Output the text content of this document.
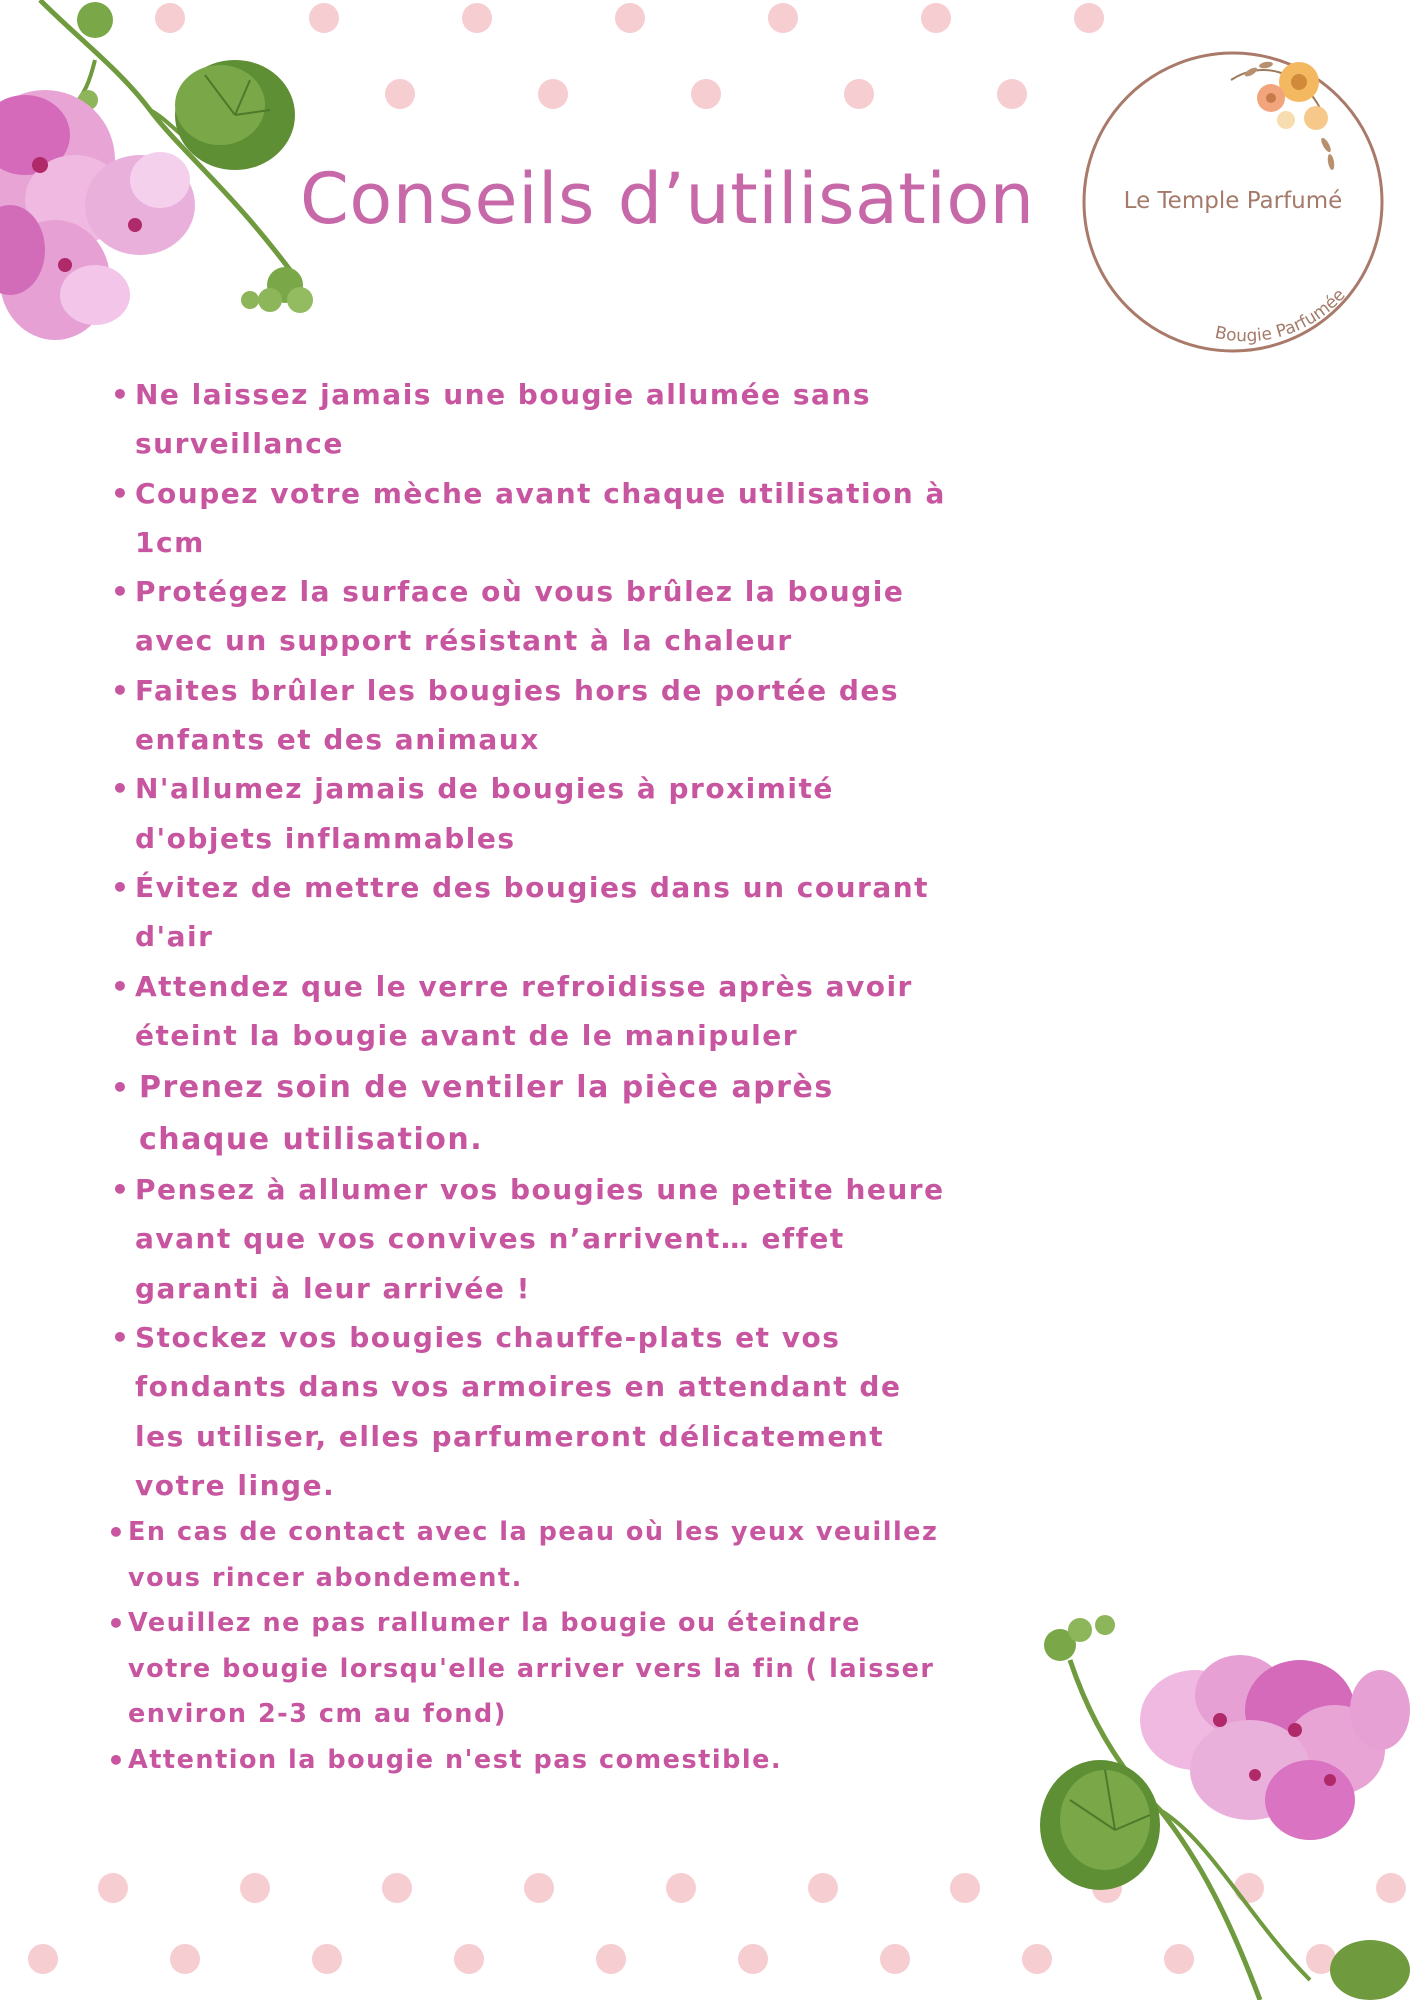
Conseils d’utilisation	Le Temple Parfumé
Bougie Parfumée
• Ne laissez jamais une bougie allumée sans surveillance
• Coupez votre mèche avant chaque utilisation à 1cm
• Protégez la surface où vous brûlez la bougie avec un support résistant à la chaleur
• Faites brûler les bougies hors de portée des enfants et des animaux
• N'allumez jamais de bougies à proximité d'objets inflammables
• Évitez de mettre des bougies dans un courant d'air
• Attendez que le verre refroidisse après avoir éteint la bougie avant de le manipuler
• Prenez soin de ventiler la pièce après chaque utilisation.
• Pensez à allumer vos bougies une petite heure avant que vos convives n’arrivent… effet garanti à leur arrivée !
• Stockez vos bougies chauffe-plats et vos fondants dans vos armoires en attendant de les utiliser, elles parfumeront délicatement votre linge.
• En cas de contact avec la peau où les yeux veuillez vous rincer abondement.
• Veuillez ne pas rallumer la bougie ou éteindre votre bougie lorsqu'elle arriver vers la fin ( laisser environ 2-3 cm au fond)
• Attention la bougie n'est pas comestible.
